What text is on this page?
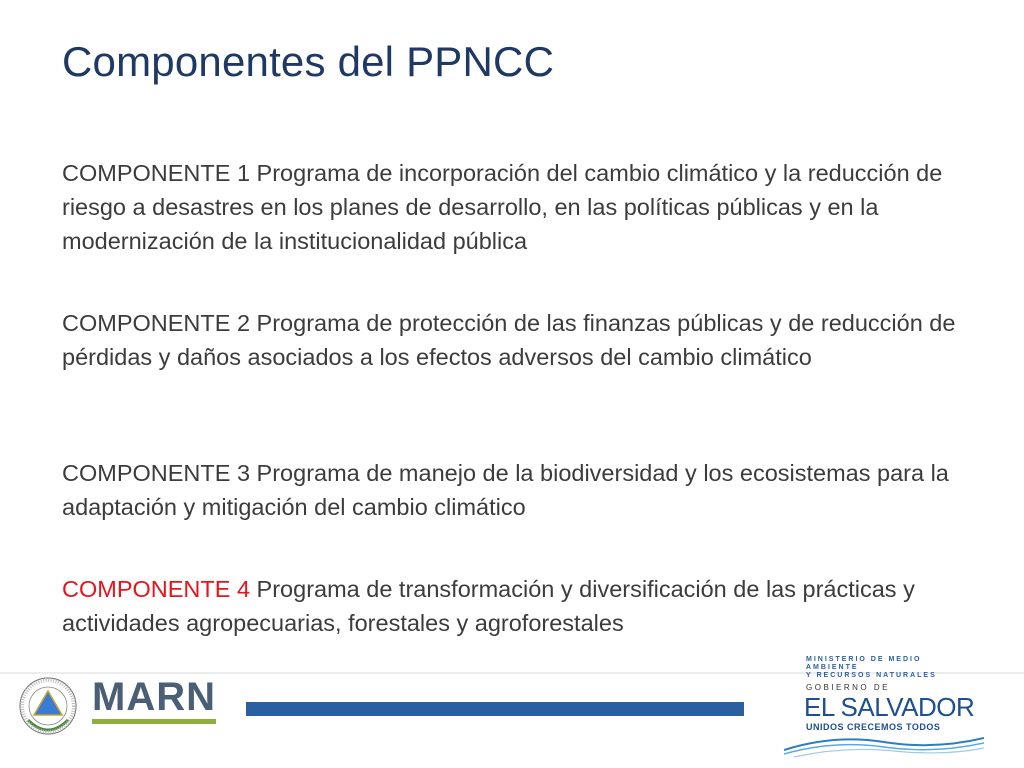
Componentes del PPNCC
COMPONENTE 1 Programa de incorporación del cambio climático y la reducción de riesgo a desastres en los planes de desarrollo, en las políticas públicas y en la modernización de la institucionalidad pública
COMPONENTE 2 Programa de protección de las finanzas públicas y de reducción de pérdidas y daños asociados a los efectos adversos del cambio climático
COMPONENTE 3 Programa de manejo de la biodiversidad y los ecosistemas para la adaptación y mitigación del cambio climático
COMPONENTE 4 Programa de transformación y diversificación de las prácticas y actividades agropecuarias, forestales y agroforestales
MARN
MINISTERIO DE MEDIO AMBIENTE
Y RECURSOS NATURALES
GOBIERNO DE
EL SALVADOR
UNIDOS CRECEMOS TODOS
